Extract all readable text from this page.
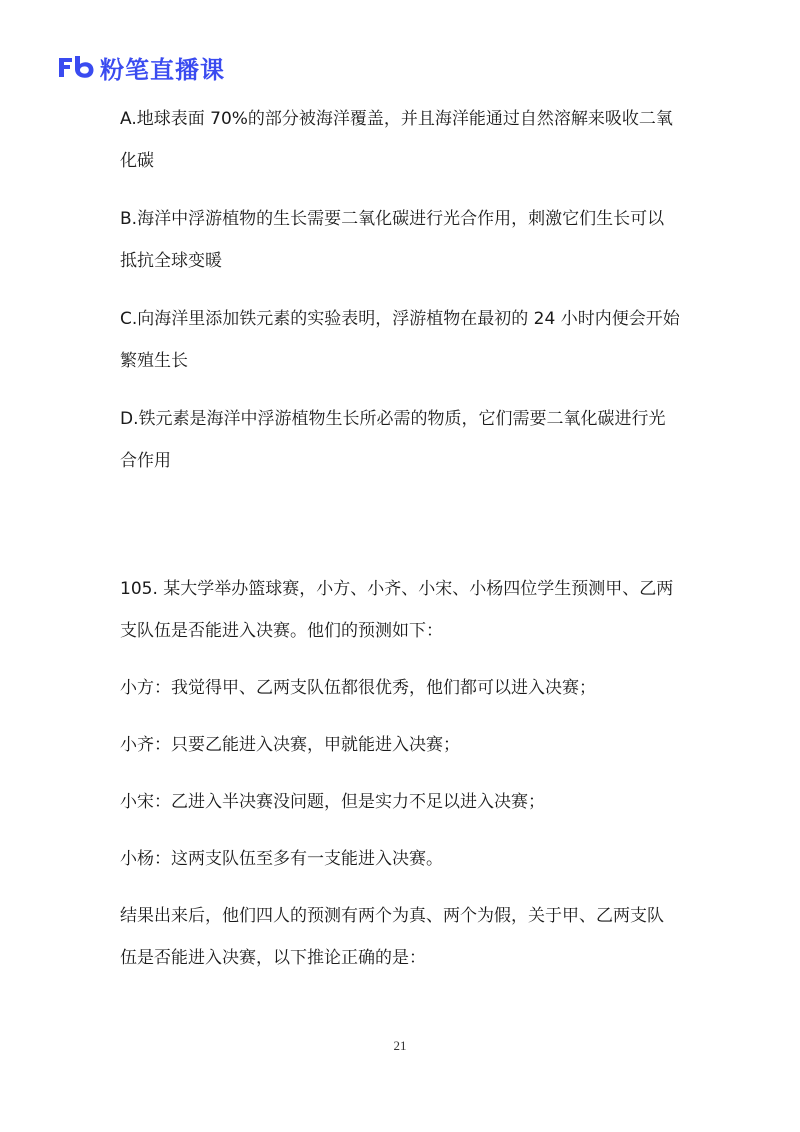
Fb
粉笔直播课

A.地球表面 70%的部分被海洋覆盖，并且海洋能通过自然溶解来吸收二氧化碳

B.海洋中浮游植物的生长需要二氧化碳进行光合作用，刺激它们生长可以抵抗全球变暖

C.向海洋里添加铁元素的实验表明，浮游植物在最初的 24 小时内便会开始繁殖生长

D.铁元素是海洋中浮游植物生长所必需的物质，它们需要二氧化碳进行光合作用

105. 某大学举办篮球赛，小方、小齐、小宋、小杨四位学生预测甲、乙两支队伍是否能进入决赛。他们的预测如下：

小方：我觉得甲、乙两支队伍都很优秀，他们都可以进入决赛；

小齐：只要乙能进入决赛，甲就能进入决赛；

小宋：乙进入半决赛没问题，但是实力不足以进入决赛；

小杨：这两支队伍至多有一支能进入决赛。

结果出来后，他们四人的预测有两个为真、两个为假，关于甲、乙两支队伍是否能进入决赛，以下推论正确的是：

21
